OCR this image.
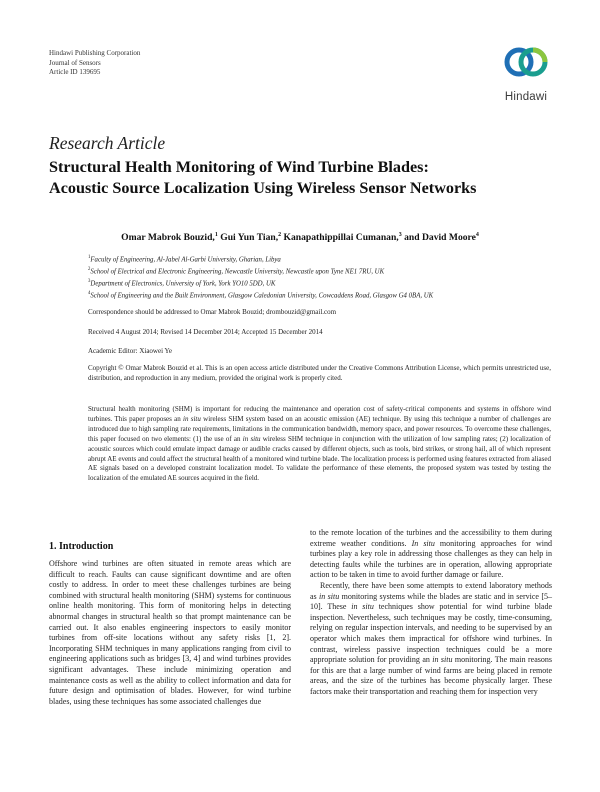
Hindawi Publishing Corporation
Journal of Sensors
Article ID 139695
Hindawi
Research Article
Structural Health Monitoring of Wind Turbine Blades:
Acoustic Source Localization Using Wireless Sensor Networks
Omar Mabrok Bouzid,$^1$ Gui Yun Tian,$^2$ Kanapathippillai Cumanan,$^3$ and David Moore$^4$
$^1$Faculty of Engineering, Al-Jabel Al-Garbi University, Gharian, Libya
$^2$School of Electrical and Electronic Engineering, Newcastle University, Newcastle upon Tyne NE1 7RU, UK
$^3$Department of Electronics, University of York, York YO10 5DD, UK
$^4$School of Engineering and the Built Environment, Glasgow Caledonian University, Cowcaddens Road, Glasgow G4 0BA, UK
Correspondence should be addressed to Omar Mabrok Bouzid; drombouzid@gmail.com
Received 4 August 2014; Revised 14 December 2014; Accepted 15 December 2014
Academic Editor: Xiaowei Ye
Copyright © Omar Mabrok Bouzid et al. This is an open access article distributed under the Creative Commons Attribution License, which permits unrestricted use, distribution, and reproduction in any medium, provided the original work is properly cited.
Structural health monitoring (SHM) is important for reducing the maintenance and operation cost of safety-critical components and systems in offshore wind turbines. This paper proposes an in situ wireless SHM system based on an acoustic emission (AE) technique. By using this technique a number of challenges are introduced due to high sampling rate requirements, limitations in the communication bandwidth, memory space, and power resources. To overcome these challenges, this paper focused on two elements: (1) the use of an in situ wireless SHM technique in conjunction with the utilization of low sampling rates; (2) localization of acoustic sources which could emulate impact damage or audible cracks caused by different objects, such as tools, bird strikes, or strong hail, all of which represent abrupt AE events and could affect the structural health of a monitored wind turbine blade. The localization process is performed using features extracted from aliased AE signals based on a developed constraint localization model. To validate the performance of these elements, the proposed system was tested by testing the localization of the emulated AE sources acquired in the field.
1. Introduction

Offshore wind turbines are often situated in remote areas which are difficult to reach. Faults can cause significant downtime and are often costly to address. In order to meet these challenges turbines are being combined with structural health monitoring (SHM) systems for continuous online health monitoring. This form of monitoring helps in detecting abnormal changes in structural health so that prompt maintenance can be carried out. It also enables engineering inspectors to easily monitor turbines from off-site locations without any safety risks [1, 2]. Incorporating SHM techniques in many applications ranging from civil to engineering applications such as bridges [3, 4] and wind turbines provides significant advantages. These include minimizing operation and maintenance costs as well as the ability to collect information and data for future design and optimisation of blades. However, for wind turbine blades, using these techniques has some associated challenges due

to the remote location of the turbines and the accessibility to them during extreme weather conditions. In situ monitoring approaches for wind turbines play a key role in addressing those challenges as they can help in detecting faults while the turbines are in operation, allowing appropriate action to be taken in time to avoid further damage or failure.

Recently, there have been some attempts to extend laboratory methods as in situ monitoring systems while the blades are static and in service [5–10]. These in situ techniques show potential for wind turbine blade inspection. Nevertheless, such techniques may be costly, time-consuming, relying on regular inspection intervals, and needing to be supervised by an operator which makes them impractical for offshore wind turbines. In contrast, wireless passive inspection techniques could be a more appropriate solution for providing an in situ monitoring. The main reasons for this are that a large number of wind farms are being placed in remote areas, and the size of the turbines has become physically larger. These factors make their transportation and reaching them for inspection very
